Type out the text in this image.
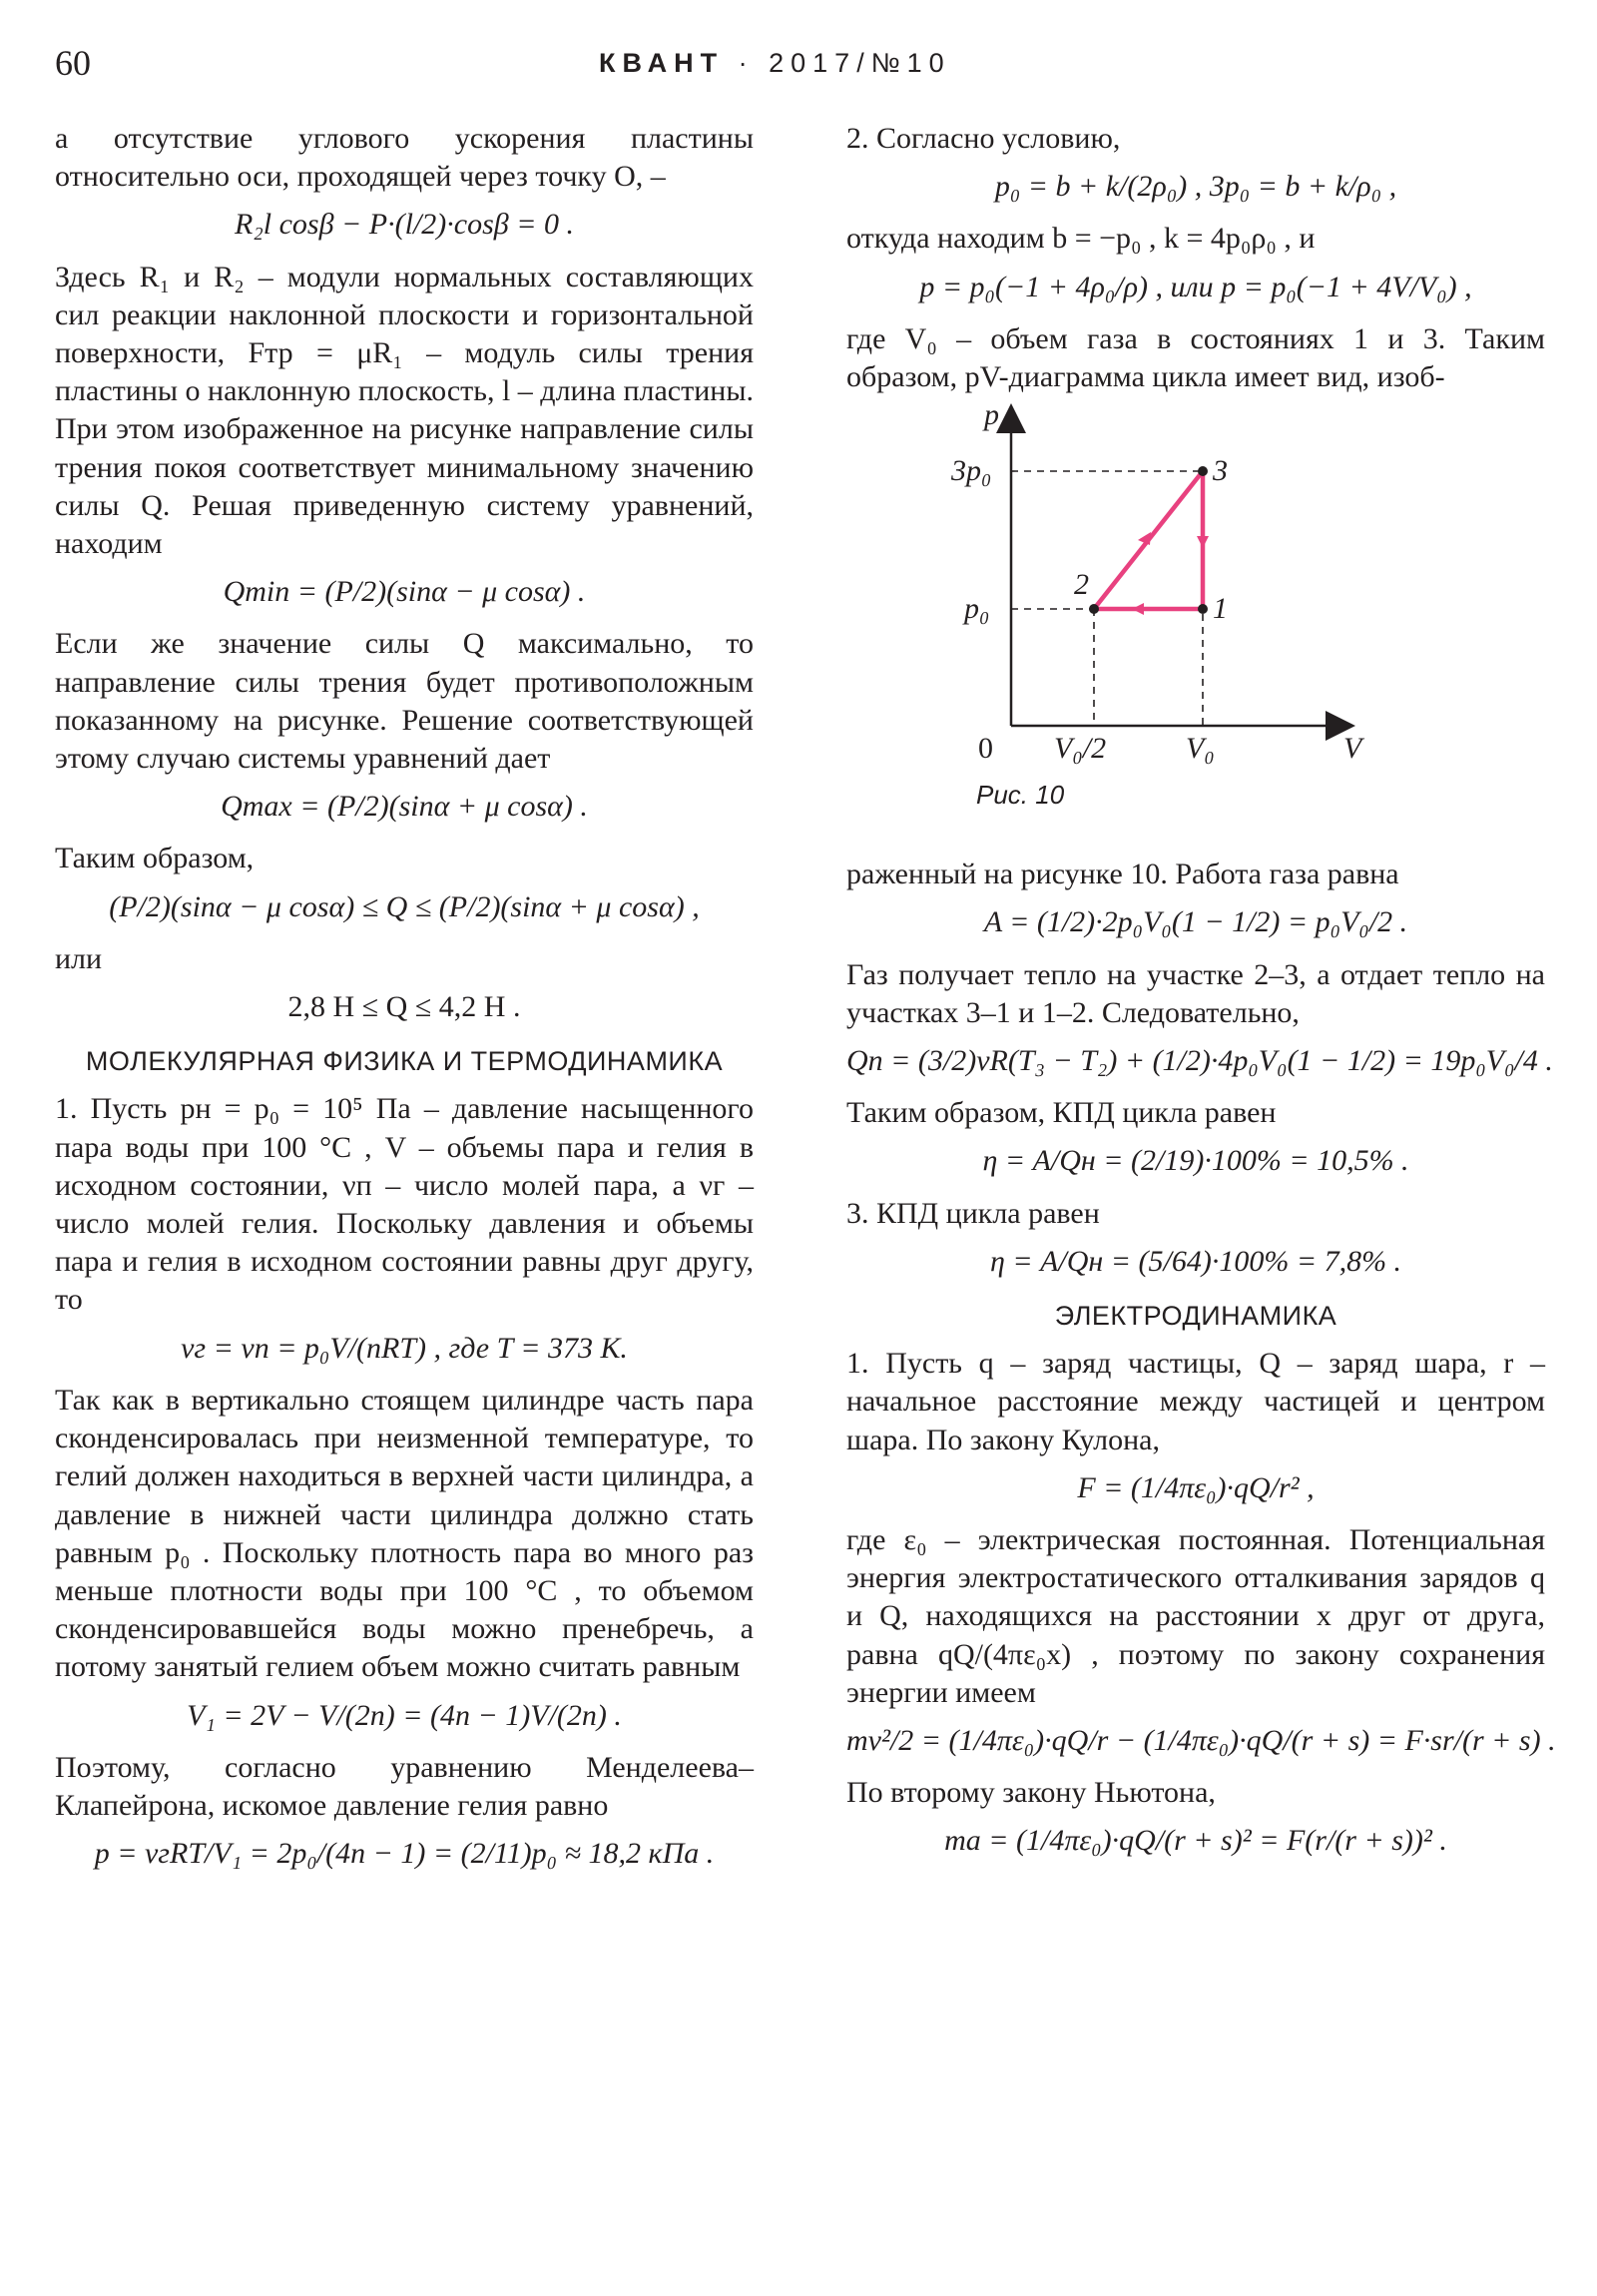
60	КВАНТ · 2017/№10

а отсутствие углового ускорения пластины относительно оси, проходящей через точку O, –

R₂l cosβ − P·(l/2)·cosβ = 0 .

Здесь R₁ и R₂ – модули нормальных составляющих сил реакции наклонной плоскости и горизонтальной поверхности, Fтр = μR₁ – модуль силы трения пластины о наклонную плоскость, l – длина пластины. При этом изображенное на рисунке направление силы трения покоя соответствует минимальному значению силы Q. Решая приведенную систему уравнений, находим

Qmin = (P/2)(sinα − μ cosα) .

Если же значение силы Q максимально, то направление силы трения будет противоположным показанному на рисунке. Решение соответствующей этому случаю системы уравнений дает

Qmax = (P/2)(sinα + μ cosα) .

Таким образом,

(P/2)(sinα − μ cosα) ≤ Q ≤ (P/2)(sinα + μ cosα) ,

или

2,8 Н ≤ Q ≤ 4,2 Н .
МОЛЕКУЛЯРНАЯ ФИЗИКА И ТЕРМОДИНАМИКА

1. Пусть pн = p₀ = 10⁵ Па – давление насыщенного пара воды при 100 °С , V – объемы пара и гелия в исходном состоянии, νп – число молей пара, а νг – число молей гелия. Поскольку давления и объемы пара и гелия в исходном состоянии равны друг другу, то

νг = νп = p₀V/(nRT) , где T = 373 К.

Так как в вертикально стоящем цилиндре часть пара сконденсировалась при неизменной температуре, то гелий должен находиться в верхней части цилиндра, а давление в нижней части цилиндра должно стать равным p₀ . Поскольку плотность пара во много раз меньше плотности воды при 100 °С , то объемом сконденсировавшейся воды можно пренебречь, а потому занятый гелием объем можно считать равным

V₁ = 2V − V/(2n) = (4n − 1)V/(2n) .

Поэтому, согласно уравнению Менделеева–Клапейрона, искомое давление гелия равно

p = νгRT/V₁ = 2p₀/(4n − 1) = (2/11)p₀ ≈ 18,2 кПа .

2. Согласно условию,

p₀ = b + k/(2ρ₀) , 3p₀ = b + k/ρ₀ ,

откуда находим b = −p₀ , k = 4p₀ρ₀ , и

p = p₀(−1 + 4ρ₀/ρ) , или p = p₀(−1 + 4V/V₀) ,

где V₀ – объем газа в состояниях 1 и 3. Таким образом, pV-диаграмма цикла имеет вид, изоб-

p
V
3p₀
p₀
V₀/2	V₀
3
1
2
0
Рис. 10

раженный на рисунке 10. Работа газа равна

A = (1/2)·2p₀V₀(1 − 1/2) = p₀V₀/2 .

Газ получает тепло на участке 2–3, а отдает тепло на участках 3–1 и 1–2. Следовательно,

Qп = (3/2)νR(T₃ − T₂) + (1/2)·4p₀V₀(1 − 1/2) = 19p₀V₀/4 .

Таким образом, КПД цикла равен

η = A/Qн = (2/19)·100% = 10,5% .

3. КПД цикла равен

η = A/Qн = (5/64)·100% = 7,8% .
ЭЛЕКТРОДИНАМИКА

1. Пусть q – заряд частицы, Q – заряд шара, r – начальное расстояние между частицей и центром шара. По закону Кулона,

F = (1/4πε₀)·qQ/r² ,

где ε₀ – электрическая постоянная. Потенциальная энергия электростатического отталкивания зарядов q и Q, находящихся на расстоянии x друг от друга, равна qQ/(4πε₀x) , поэтому по закону сохранения энергии имеем

mv²/2 = (1/4πε₀)·qQ/r − (1/4πε₀)·qQ/(r + s) = F·sr/(r + s) .

По второму закону Ньютона,

ma = (1/4πε₀)·qQ/(r + s)² = F(r/(r + s))² .
